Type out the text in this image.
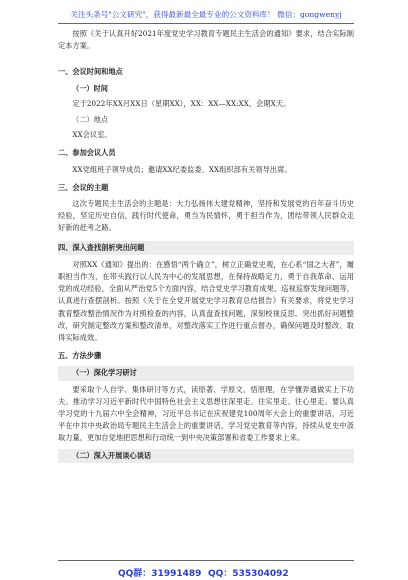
关注头条号"公文研究"，获得最新最全最专业的公文资料库！ 微信：gongwenyj

按照《关于认真开好2021年度党史学习教育专题民主生活会的通知》要求，结合实际制定本方案。

一、会议时间和地点
（一）时间

定于2022年XX月XX日（星期XX），XX：XX—XX:XX，会期X天。

（二）地点

XX会议室。

二、参加会议人员

XX党组班子领导成员；邀请XX纪委监委、XX组织部有关领导出席。

三、会议的主题

这次专题民主生活会的主题是：大力弘扬伟大建党精神，坚持和发展党的百年奋斗历史经验，坚定历史自信，践行时代使命，勇当为民情怀，勇于担当作为，团结带领人民群众走好新的赶考之路。

四、深入查找剖析突出问题

对照XX《通知》提出的：在感悟“两个确立”，树立正确党史观，在心系“国之大者”，履职担当作为，在带头践行以人民为中心的发展思想，在保持战略定力，勇于自我革命、运用党的成功经验，全面从严治党5个方面内容，结合党史学习教育成果、巡视巡察发现问题等，认真进行查摆剖析。按照《关于在全党开展党史学习教育总结报告》有关要求，将党史学习教育整改整治情况作为对照检查的内容，认真盘查找问题，深刻校视反思。突出抓好问题整改，研究制定整改方案和整改清单，对整改落实工作进行重点督办，确保问题及时整改、取得实际成效。

五、方法步骤
（一）深化学习研讨

要采取个人自学、集体研讨等方式，读原著、学原文、悟原理，在学懂弄通做实上下功夫。推动学习习近平新时代中国特色社会主义思想往深里走、往实里走、往心里走。要认真学习党的十九届六中全会精神，习近平总书记在庆祝建党100周年大会上的重要讲话，习近平在中共中央政治局专题民主生活会上的重要讲话，学习党史教育等内容，持续从党史中汲取力量，更加自觉地把思想和行动统一到中央决策部署和省委工作要求上来。

（二）深入开展谈心谈话
QQ群：31991489 QQ：535304092
